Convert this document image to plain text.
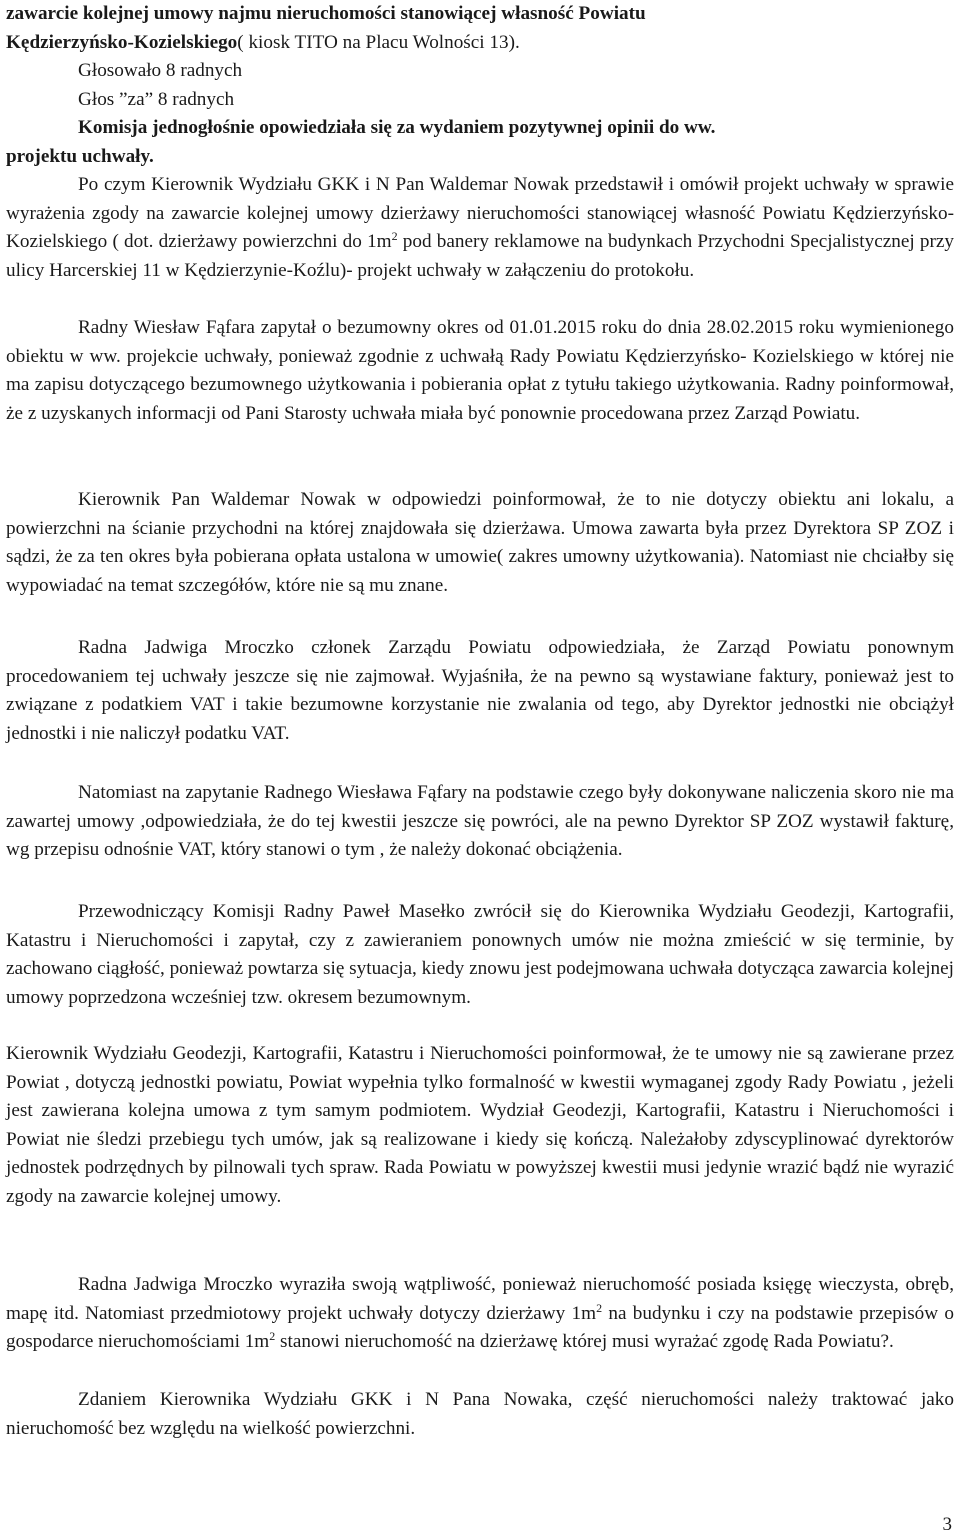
zawarcie kolejnej umowy najmu nieruchomości stanowiącej własność Powiatu

Kędzierzyńsko-Kozielskiego( kiosk TITO na Placu Wolności 13).

Głosowało 8 radnych

Głos ”za” 8 radnych

Komisja jednogłośnie opowiedziała się za wydaniem pozytywnej opinii do ww.

projektu uchwały.

Po czym Kierownik Wydziału GKK i N Pan Waldemar Nowak przedstawił i omówił projekt uchwały w sprawie wyrażenia zgody na zawarcie kolejnej umowy dzierżawy nieruchomości stanowiącej własność Powiatu Kędzierzyńsko-Kozielskiego ( dot. dzierżawy powierzchni do $1m^2$ pod banery reklamowe na budynkach Przychodni Specjalistycznej przy ulicy Harcerskiej 11 w Kędzierzynie-Koźlu)- projekt uchwały w załączeniu do protokołu.

Radny Wiesław Fąfara zapytał o bezumowny okres od 01.01.2015 roku do dnia 28.02.2015 roku wymienionego obiektu w ww. projekcie uchwały, ponieważ zgodnie z uchwałą Rady Powiatu Kędzierzyńsko- Kozielskiego w której nie ma zapisu dotyczącego bezumownego użytkowania i pobierania opłat z tytułu takiego użytkowania. Radny poinformował, że z uzyskanych informacji od Pani Starosty uchwała miała być ponownie procedowana przez Zarząd Powiatu.

Kierownik Pan Waldemar Nowak w odpowiedzi poinformował, że to nie dotyczy obiektu ani lokalu, a powierzchni na ścianie przychodni na której znajdowała się dzierżawa. Umowa zawarta była przez Dyrektora SP ZOZ i sądzi, że za ten okres była pobierana opłata ustalona w umowie( zakres umowny użytkowania). Natomiast nie chciałby się wypowiadać na temat szczegółów, które nie są mu znane.

Radna Jadwiga Mroczko członek Zarządu Powiatu odpowiedziała, że Zarząd Powiatu ponownym procedowaniem tej uchwały jeszcze się nie zajmował. Wyjaśniła, że na pewno są wystawiane faktury, ponieważ jest to związane z podatkiem VAT i takie bezumowne korzystanie nie zwalania od tego, aby Dyrektor jednostki nie obciążył jednostki i nie naliczył podatku VAT.

Natomiast na zapytanie Radnego Wiesława Fąfary na podstawie czego były dokonywane naliczenia skoro nie ma zawartej umowy ,odpowiedziała, że do tej kwestii jeszcze się powróci, ale na pewno Dyrektor SP ZOZ wystawił fakturę, wg przepisu odnośnie VAT, który stanowi o tym , że należy dokonać obciążenia.

Przewodniczący Komisji Radny Paweł Masełko zwrócił się do Kierownika Wydziału Geodezji, Kartografii, Katastru i Nieruchomości i zapytał, czy z zawieraniem ponownych umów nie można zmieścić w się terminie, by zachowano ciągłość, ponieważ powtarza się sytuacja, kiedy znowu jest podejmowana uchwała dotycząca zawarcia kolejnej umowy poprzedzona wcześniej tzw. okresem bezumownym.

Kierownik Wydziału Geodezji, Kartografii, Katastru i Nieruchomości poinformował, że te umowy nie są zawierane przez Powiat , dotyczą jednostki powiatu, Powiat wypełnia tylko formalność w kwestii wymaganej zgody Rady Powiatu , jeżeli jest zawierana kolejna umowa z tym samym podmiotem. Wydział Geodezji, Kartografii, Katastru i Nieruchomości i Powiat nie śledzi przebiegu tych umów, jak są realizowane i kiedy się kończą. Należałoby zdyscyplinować dyrektorów jednostek podrzędnych by pilnowali tych spraw. Rada Powiatu w powyższej kwestii musi jedynie wrazić bądź nie wyrazić zgody na zawarcie kolejnej umowy.

Radna Jadwiga Mroczko wyraziła swoją wątpliwość, ponieważ nieruchomość posiada księgę wieczysta, obręb, mapę itd. Natomiast przedmiotowy projekt uchwały dotyczy dzierżawy $1m^2$ na budynku i czy na podstawie przepisów o gospodarce nieruchomościami $1m^2$ stanowi nieruchomość na dzierżawę której musi wyrażać zgodę Rada Powiatu?.

Zdaniem Kierownika Wydziału GKK i N Pana Nowaka, część nieruchomości należy traktować jako nieruchomość bez względu na wielkość powierzchni.

3
